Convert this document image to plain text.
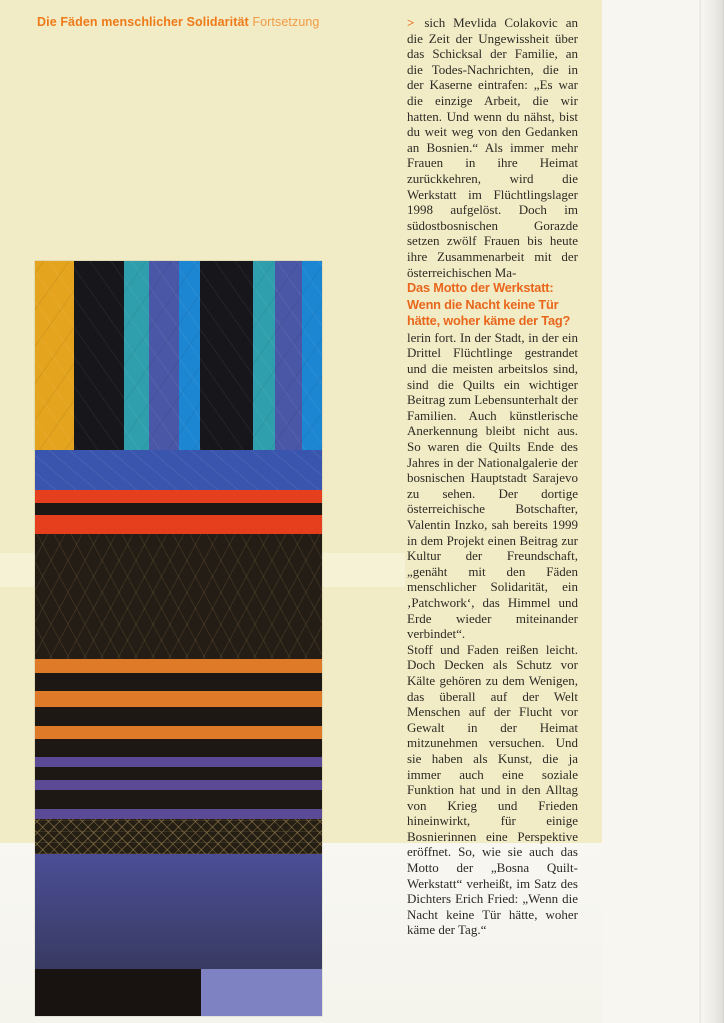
Die Fäden menschlicher Solidarität Fortsetzung	> sich Mevlida Colakovic an die Zeit der Ungewissheit über das Schicksal der Familie, an die Todes-Nachrichten, die in der Kaserne eintrafen: „Es war die einzige Arbeit, die wir hatten. Und wenn du nähst, bist du weit weg von den Gedanken an Bosnien.“ Als immer mehr Frauen in ihre Heimat zurückkehren, wird die Werkstatt im Flüchtlingslager 1998 aufgelöst. Doch im südostbosnischen Gorazde setzen zwölf Frauen bis heute ihre Zusammenarbeit mit der österreichischen Ma-

Das Motto der Werkstatt: Wenn die Nacht keine Tür hätte, woher käme der Tag?

lerin fort. In der Stadt, in der ein Drittel Flüchtlinge gestrandet und die meisten arbeitslos sind, sind die Quilts ein wichtiger Beitrag zum Lebensunterhalt der Familien. Auch künstlerische Anerkennung bleibt nicht aus. So waren die Quilts Ende des Jahres in der Nationalgalerie der bosnischen Hauptstadt Sarajevo zu sehen. Der dortige österreichische Botschafter, Valentin Inzko, sah bereits 1999 in dem Projekt einen Beitrag zur Kultur der Freundschaft, „genäht mit den Fäden menschlicher Solidarität, ein ‚Patchwork‘, das Himmel und Erde wieder miteinander verbindet“.

Stoff und Faden reißen leicht. Doch Decken als Schutz vor Kälte gehören zu dem Wenigen, das überall auf der Welt Menschen auf der Flucht vor Gewalt in der Heimat mitzunehmen versuchen. Und sie haben als Kunst, die ja immer auch eine soziale Funktion hat und in den Alltag von Krieg und Frieden hineinwirkt, für einige Bosnierinnen eine Perspektive eröffnet. So, wie sie auch das Motto der „Bosna Quilt-Werkstatt“ verheißt, im Satz des Dichters Erich Fried: „Wenn die Nacht keine Tür hätte, woher käme der Tag.“
